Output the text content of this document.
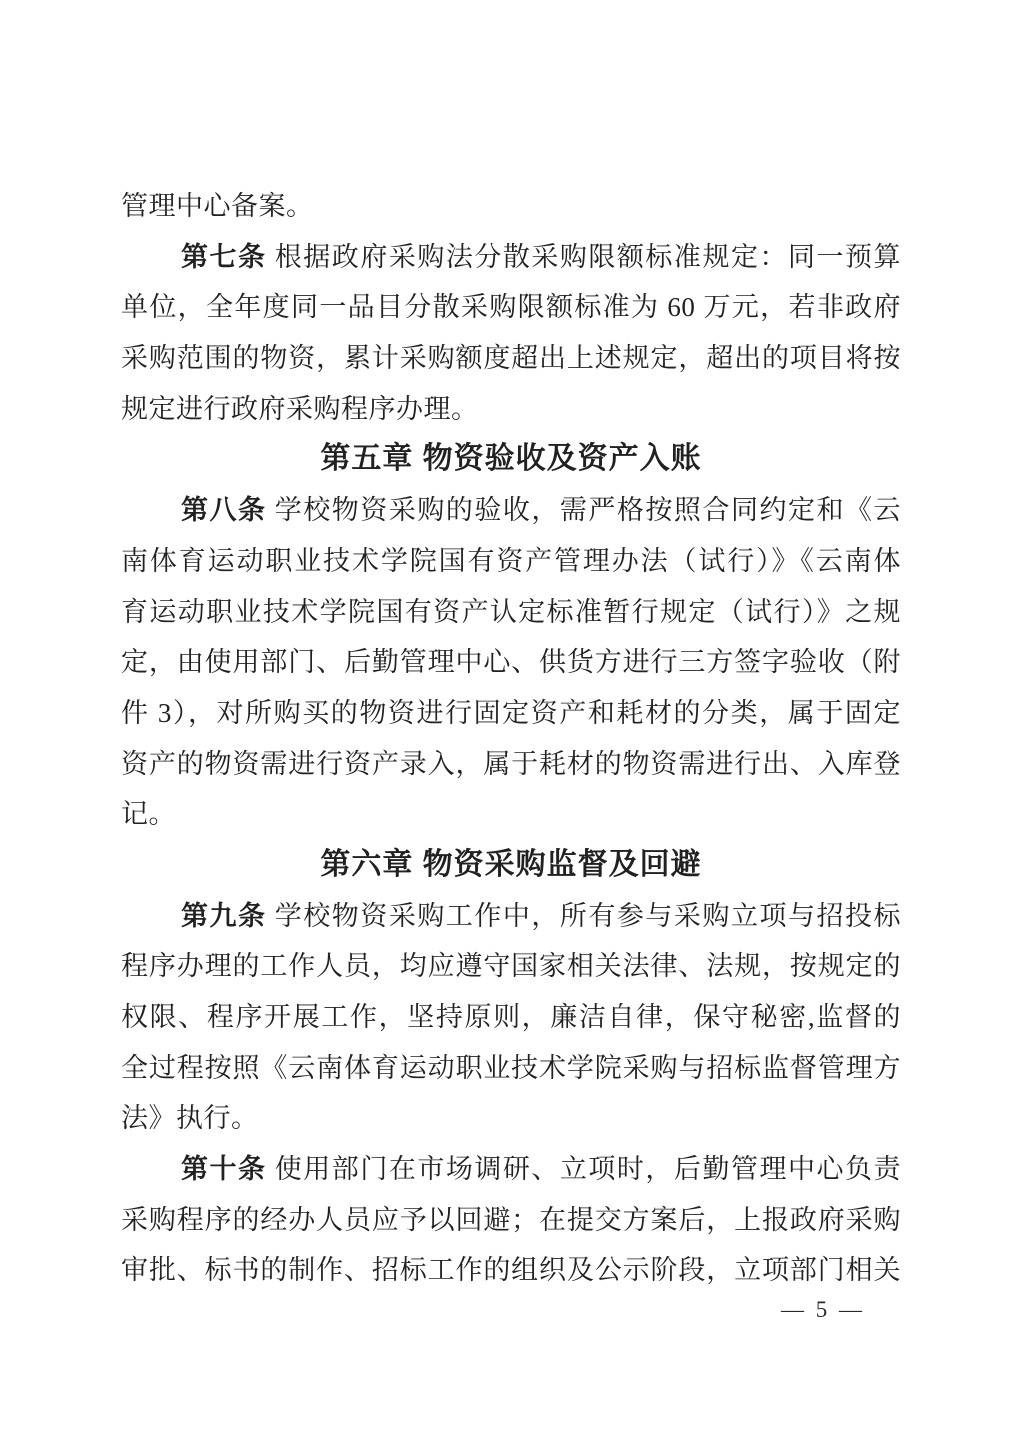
管理中心备案。
第七条 根据政府采购法分散采购限额标准规定：同一预算
单位，全年度同一品目分散采购限额标准为 60 万元，若非政府
采购范围的物资，累计采购额度超出上述规定，超出的项目将按
规定进行政府采购程序办理。
第五章 物资验收及资产入账
第八条 学校物资采购的验收，需严格按照合同约定和《云
南体育运动职业技术学院国有资产管理办法（试行）》《云南体
育运动职业技术学院国有资产认定标准暂行规定（试行）》之规
定，由使用部门、后勤管理中心、供货方进行三方签字验收（附
件 3），对所购买的物资进行固定资产和耗材的分类，属于固定
资产的物资需进行资产录入，属于耗材的物资需进行出、入库登
记。
第六章 物资采购监督及回避
第九条 学校物资采购工作中，所有参与采购立项与招投标
程序办理的工作人员，均应遵守国家相关法律、法规，按规定的
权限、程序开展工作，坚持原则，廉洁自律，保守秘密,监督的
全过程按照《云南体育运动职业技术学院采购与招标监督管理方
法》执行。
第十条 使用部门在市场调研、立项时，后勤管理中心负责
采购程序的经办人员应予以回避；在提交方案后，上报政府采购
审批、标书的制作、招标工作的组织及公示阶段，立项部门相关
— 5 —
